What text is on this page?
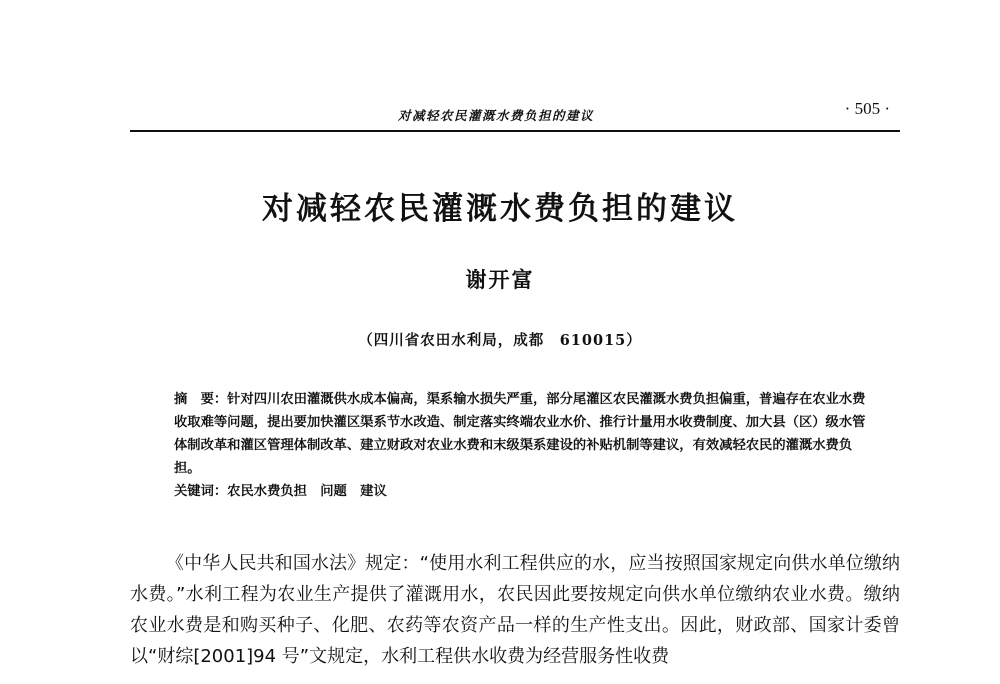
对减轻农民灌溉水费负担的建议	· 505 ·
对减轻农民灌溉水费负担的建议
谢开富
（四川省农田水利局，成都　610015）

摘　要：针对四川农田灌溉供水成本偏高，渠系输水损失严重，部分尾灌区农民灌溉水费负担偏重，普遍存在农业水费收取难等问题，提出要加快灌区渠系节水改造、制定落实终端农业水价、推行计量用水收费制度、加大县（区）级水管体制改革和灌区管理体制改革、建立财政对农业水费和末级渠系建设的补贴机制等建议，有效减轻农民的灌溉水费负担。

关键词：农民水费负担　问题　建议

《中华人民共和国水法》规定：“使用水利工程供应的水，应当按照国家规定向供水单位缴纳水费。”水利工程为农业生产提供了灌溉用水，农民因此要按规定向供水单位缴纳农业水费。缴纳农业水费是和购买种子、化肥、农药等农资产品一样的生产性支出。因此，财政部、国家计委曾以“财综[2001]94 号”文规定，水利工程供水收费为经营服务性收费
